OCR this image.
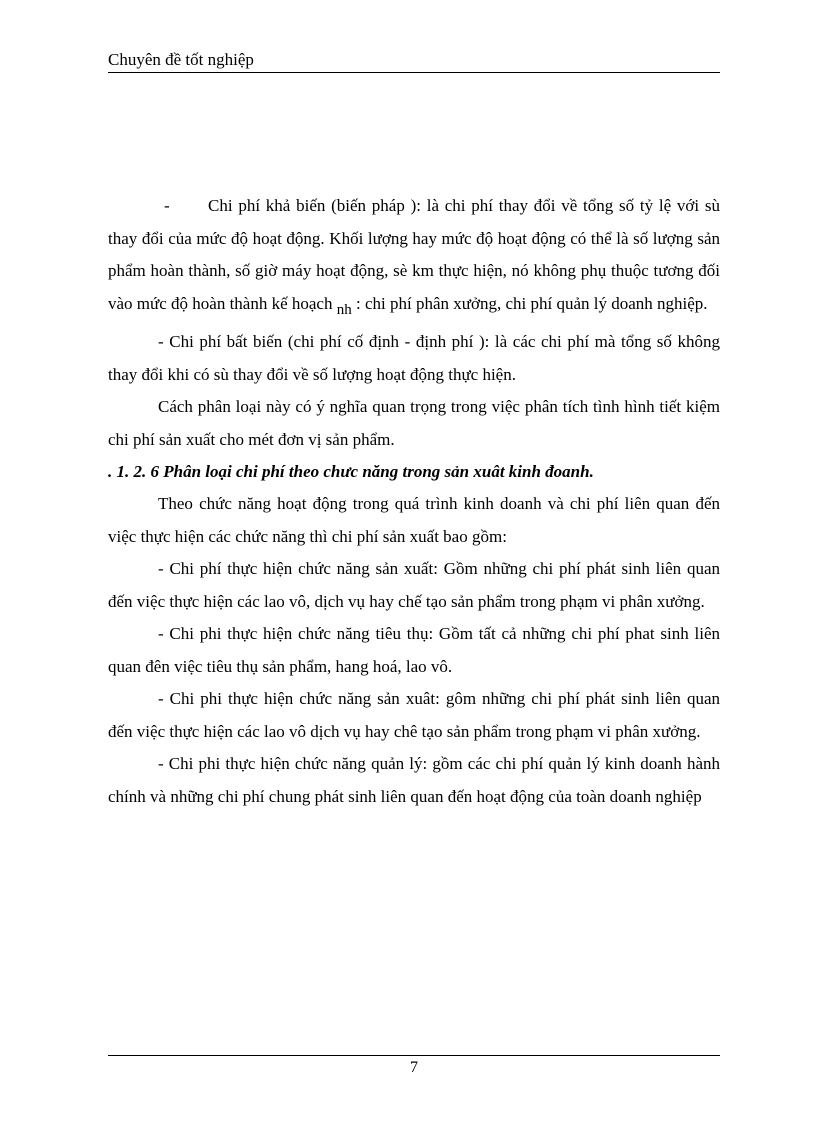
Chuyên đề tốt nghiệp

- Chi phí khả biến (biến pháp ): là chi phí thay đổi về tổng số tỷ lệ với sù thay đổi của mức độ hoạt động. Khối lượng hay mức độ hoạt động có thể là số lượng sản phẩm hoàn thành, số giờ máy hoạt động, sè km thực hiện, nó không phụ thuộc tương đối vào mức độ hoàn thành kế hoạch nh : chi phí phân xưởng, chi phí quản lý doanh nghiệp.

- Chi phí bất biến (chi phí cố định - định phí ): là các chi phí mà tổng số không thay đổi khi có sù thay đổi về số lượng hoạt động thực hiện.

Cách phân loại này có ý nghĩa quan trọng trong việc phân tích tình hình tiết kiệm chi phí sản xuất cho mét đơn vị sản phẩm.

. 1. 2. 6 Phân loại chi phí theo chưc năng trong sản xuât kinh đoanh.

Theo chức năng hoạt động trong quá trình kinh doanh và chi phí liên quan đến việc thực hiện các chức năng thì chi phí sản xuất bao gồm:

- Chi phí thực hiện chức năng sản xuất: Gồm những chi phí phát sinh liên quan đến việc thực hiện các lao vô, dịch vụ hay chế tạo sản phẩm trong phạm vi phân xưởng.

- Chi phi thực hiện chức năng tiêu thụ: Gồm tất cả những chi phí phat sinh liên quan đên việc tiêu thụ sản phẩm, hang hoá, lao vô.

- Chi phi thực hiện chức năng sản xuât: gôm những chi phí phát sinh liên quan đến việc thực hiện các lao vô dịch vụ hay chê tạo sản phẩm trong phạm vi phân xưởng.

- Chi phi thực hiện chức năng quản lý: gồm các chi phí quản lý kinh doanh hành chính và những chi phí chung phát sinh liên quan đến hoạt động của toàn doanh nghiệp

7
